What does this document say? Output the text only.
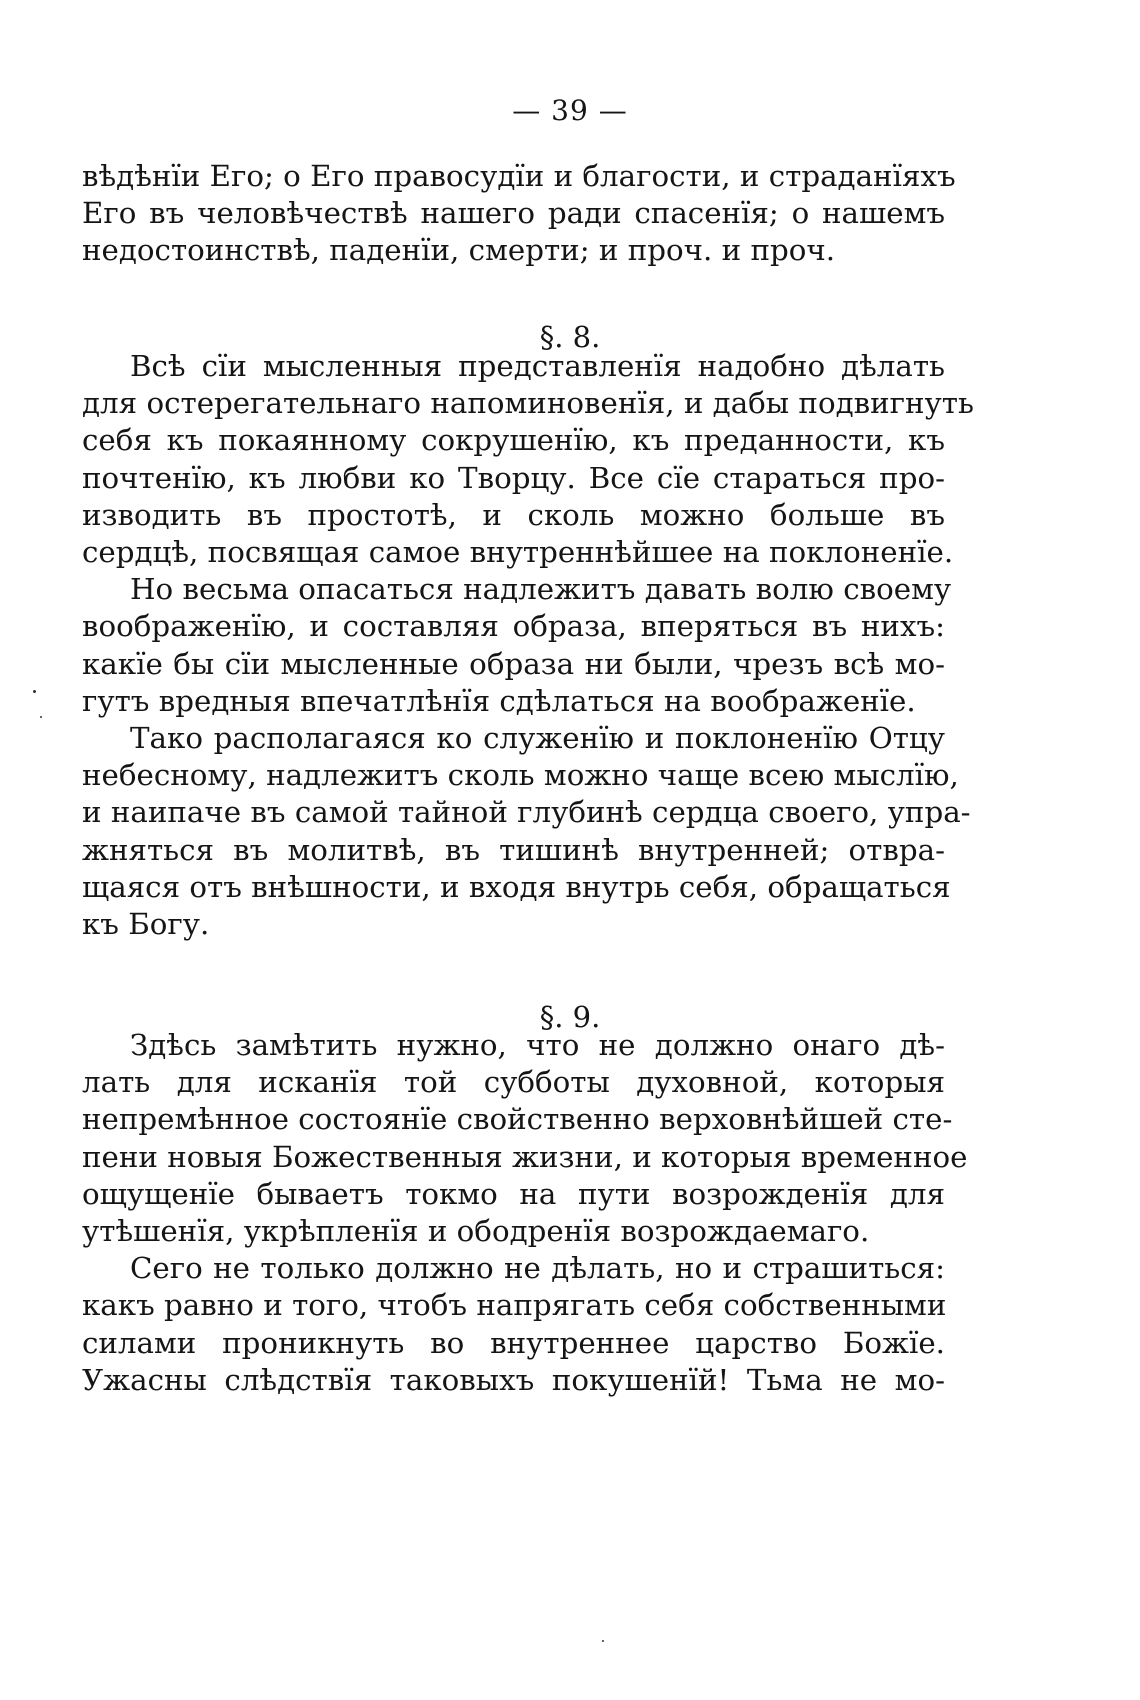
— 39 —

вѣдѣнїи Его; о Его правосудїи и благости, и страданїяхъ
Его въ человѣчествѣ нашего ради спасенїя; о нашемъ
недостоинствѣ, паденїи, смерти; и проч. и проч.

§. 8.

Всѣ сїи мысленныя представленїя надобно дѣлать
для остерегательнаго напоминовенїя, и дабы подвигнуть
себя къ покаянному сокрушенїю, къ преданности, къ
почтенїю, къ любви ко Творцу. Все сїе стараться про-
изводить въ простотѣ, и сколь можно больше въ
сердцѣ, посвящая самое внутреннѣйшее на поклоненїе.

Но весьма опасаться надлежитъ давать волю своему
воображенїю, и составляя образа, вперяться въ нихъ:
какїе бы сїи мысленные образа ни были, чрезъ всѣ мо-
гутъ вредныя впечатлѣнїя сдѣлаться на воображенїе.

Тако располагаяся ко служенїю и поклоненїю Отцу
небесному, надлежитъ сколь можно чаще всею мыслїю,
и наипаче въ самой тайной глубинѣ сердца своего, упра-
жняться въ молитвѣ, въ тишинѣ внутренней; отвра-
щаяся отъ внѣшности, и входя внутрь себя, обращаться
къ Богу.

§. 9.

Здѣсь замѣтить нужно, что не должно онаго дѣ-
лать для исканїя той субботы духовной, которыя
непремѣнное состоянїе свойственно верховнѣйшей сте-
пени новыя Божественныя жизни, и которыя временное
ощущенїе бываетъ токмо на пути возрожденїя для
утѣшенїя, укрѣпленїя и ободренїя возрождаемаго.

Сего не только должно не дѣлать, но и страшиться:
какъ равно и того, чтобъ напрягать себя собственными
силами проникнуть во внутреннее царство Божїе.
Ужасны слѣдствїя таковыхъ покушенїй! Тьма не мо-
